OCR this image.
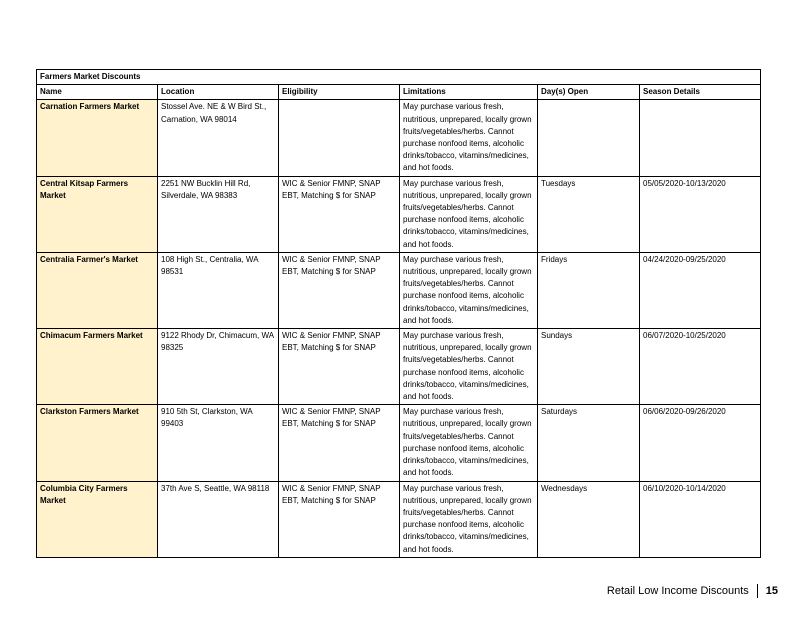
Farmers Market Discounts					
Name	Location	Eligibility	Limitations	Day(s) Open	Season Details
Carnation Farmers Market	Stossel Ave. NE & W Bird St., Carnation, WA 98014		May purchase various fresh, nutritious, unprepared, locally grown fruits/vegetables/herbs. Cannot purchase nonfood items, alcoholic drinks/tobacco, vitamins/medicines, and hot foods.		
Central Kitsap Farmers Market	2251 NW Bucklin Hill Rd, Silverdale, WA 98383	WIC & Senior FMNP, SNAP EBT, Matching $ for SNAP	May purchase various fresh, nutritious, unprepared, locally grown fruits/vegetables/herbs. Cannot purchase nonfood items, alcoholic drinks/tobacco, vitamins/medicines, and hot foods.	Tuesdays	05/05/2020-10/13/2020
Centralia Farmer's Market	108 High St., Centralia, WA 98531	WIC & Senior FMNP, SNAP EBT, Matching $ for SNAP	May purchase various fresh, nutritious, unprepared, locally grown fruits/vegetables/herbs. Cannot purchase nonfood items, alcoholic drinks/tobacco, vitamins/medicines, and hot foods.	Fridays	04/24/2020-09/25/2020
Chimacum Farmers Market	9122 Rhody Dr, Chimacum, WA 98325	WIC & Senior FMNP, SNAP EBT, Matching $ for SNAP	May purchase various fresh, nutritious, unprepared, locally grown fruits/vegetables/herbs. Cannot purchase nonfood items, alcoholic drinks/tobacco, vitamins/medicines, and hot foods.	Sundays	06/07/2020-10/25/2020
Clarkston Farmers Market	910 5th St, Clarkston, WA 99403	WIC & Senior FMNP, SNAP EBT, Matching $ for SNAP	May purchase various fresh, nutritious, unprepared, locally grown fruits/vegetables/herbs. Cannot purchase nonfood items, alcoholic drinks/tobacco, vitamins/medicines, and hot foods.	Saturdays	06/06/2020-09/26/2020
Columbia City Farmers Market	37th Ave S, Seattle, WA 98118	WIC & Senior FMNP, SNAP EBT, Matching $ for SNAP	May purchase various fresh, nutritious, unprepared, locally grown fruits/vegetables/herbs. Cannot purchase nonfood items, alcoholic drinks/tobacco, vitamins/medicines, and hot foods.	Wednesdays	06/10/2020-10/14/2020
Retail Low Income Discounts 15
